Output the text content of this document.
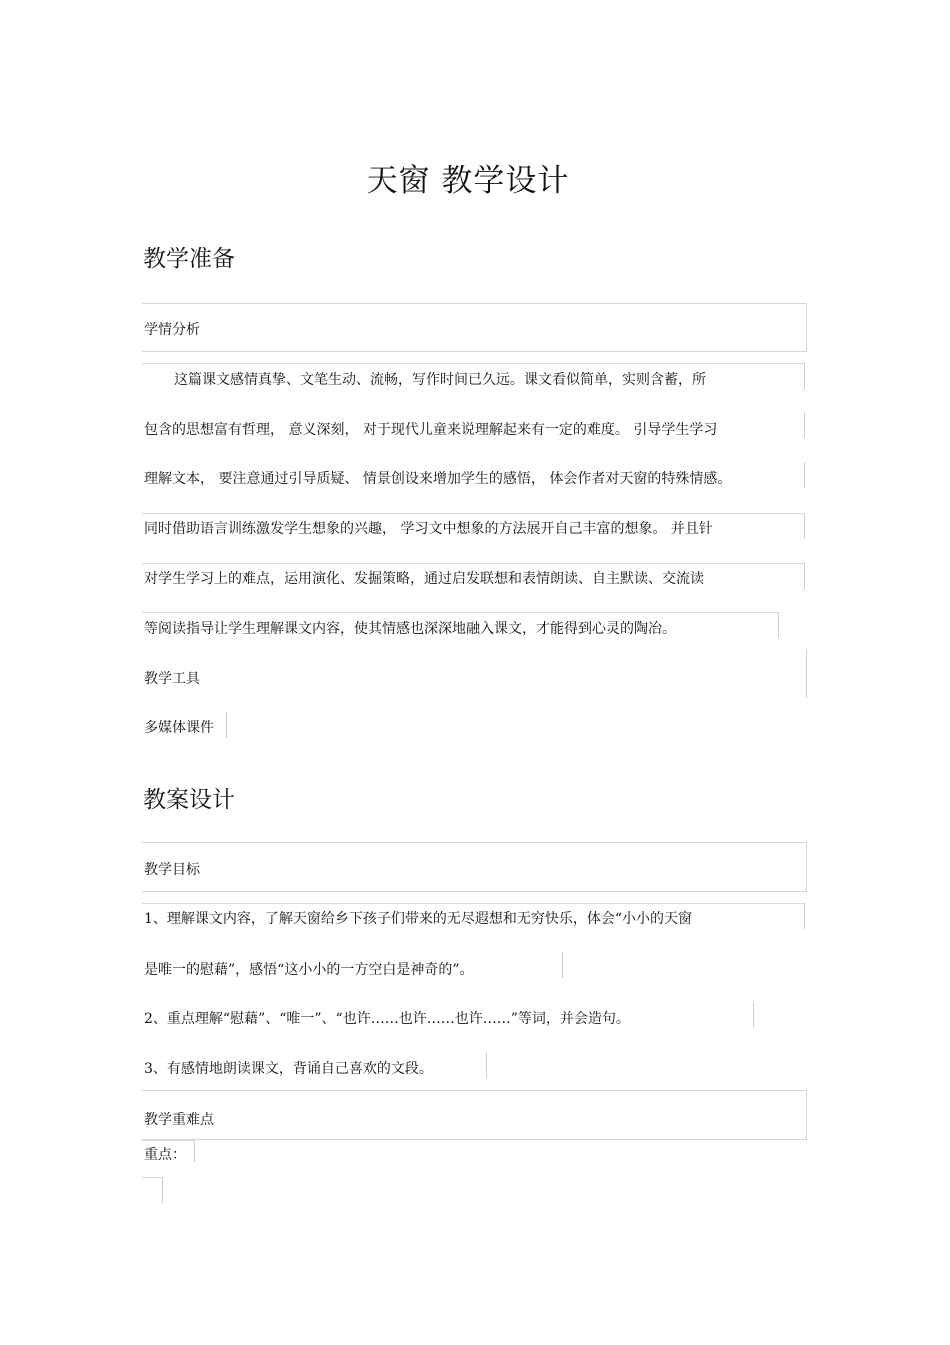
天窗 教学设计
教学准备
学情分析
这篇课文感情真挚、文笔生动、流畅，写作时间已久远。课文看似简单，实则含蓄，所
包含的思想富有哲理， 意义深刻， 对于现代儿童来说理解起来有一定的难度。 引导学生学习
理解文本， 要注意通过引导质疑、 情景创设来增加学生的感悟， 体会作者对天窗的特殊情感。
同时借助语言训练激发学生想象的兴趣， 学习文中想象的方法展开自己丰富的想象。 并且针
对学生学习上的难点，运用演化、发掘策略，通过启发联想和表情朗读、自主默读、交流读
等阅读指导让学生理解课文内容，使其情感也深深地融入课文，才能得到心灵的陶冶。
教学工具
多媒体课件
教案设计
教学目标
1、理解课文内容，了解天窗给乡下孩子们带来的无尽遐想和无穷快乐，体会“小小的天窗
是唯一的慰藉”，感悟“这小小的一方空白是神奇的”。
2、重点理解“慰藉”、“唯一”、“也许……也许……也许……”等词，并会造句。
3、有感情地朗读课文，背诵自己喜欢的文段。
教学重难点
重点：
